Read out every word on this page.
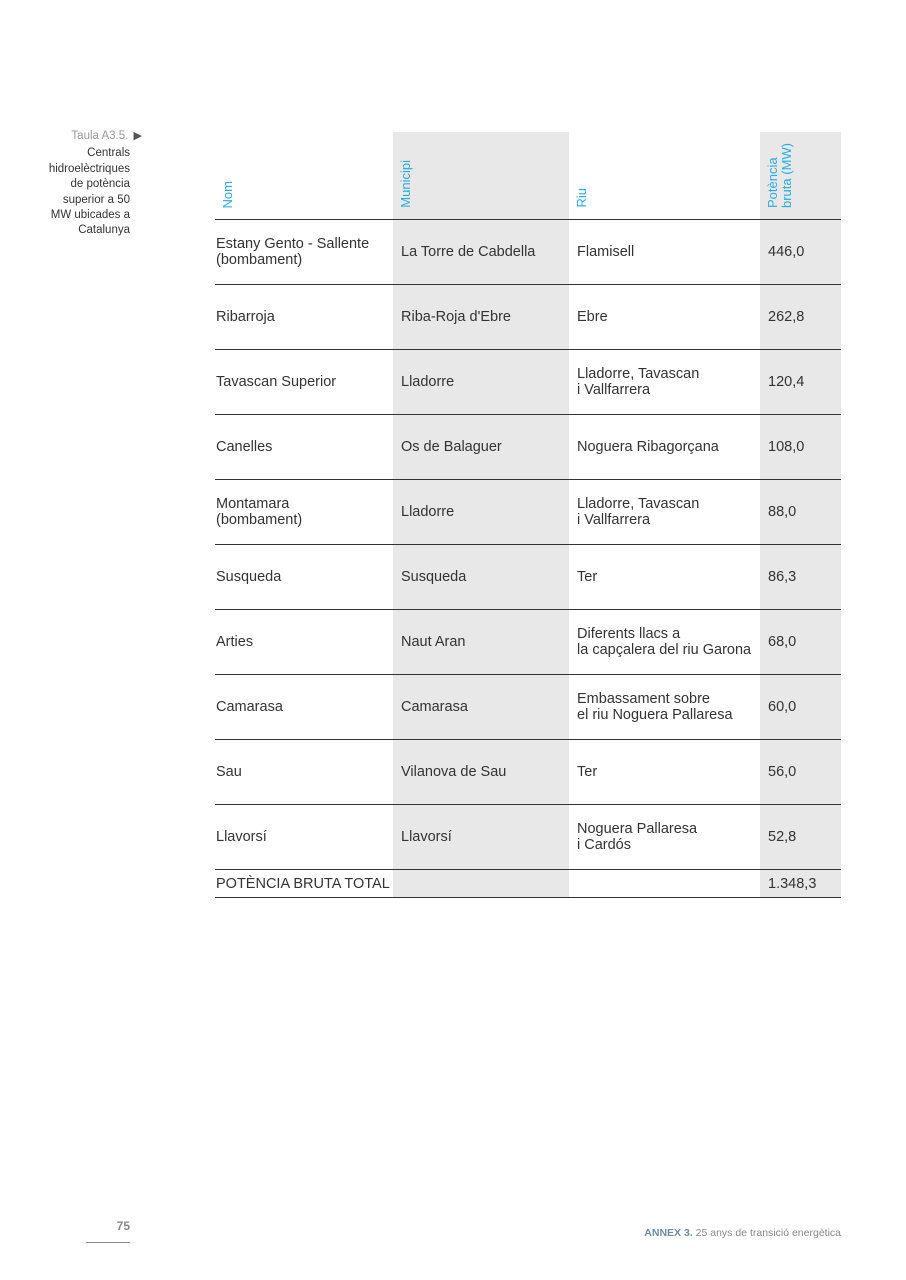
Taula A3.5. ▶
Centrals
hidroelèctriques
de potència
superior a 50
MW ubicades a
Catalunya
Nom	Municipi	Riu	Potència bruta (MW)

Estany Gento - Sallente
(bombament)	La Torre de Cabdella	Flamisell	446,0

Ribarroja	Riba-Roja d'Ebre	Ebre	262,8

Tavascan Superior	Lladorre	Lladorre, Tavascan
i Vallfarrera	120,4

Canelles	Os de Balaguer	Noguera Ribagorçana	108,0

Montamara
(bombament)	Lladorre	Lladorre, Tavascan
i Vallfarrera	88,0

Susqueda	Susqueda	Ter	86,3

Arties	Naut Aran	Diferents llacs a
la capçalera del riu Garona	68,0

Camarasa	Camarasa	Embassament sobre
el riu Noguera Pallaresa	60,0

Sau	Vilanova de Sau	Ter	56,0

Llavorsí	Llavorsí	Noguera Pallaresa
i Cardós	52,8
POTÈNCIA BRUTA TOTAL			1.348,3
75	ANNEX 3. 25 anys de transició energètica
